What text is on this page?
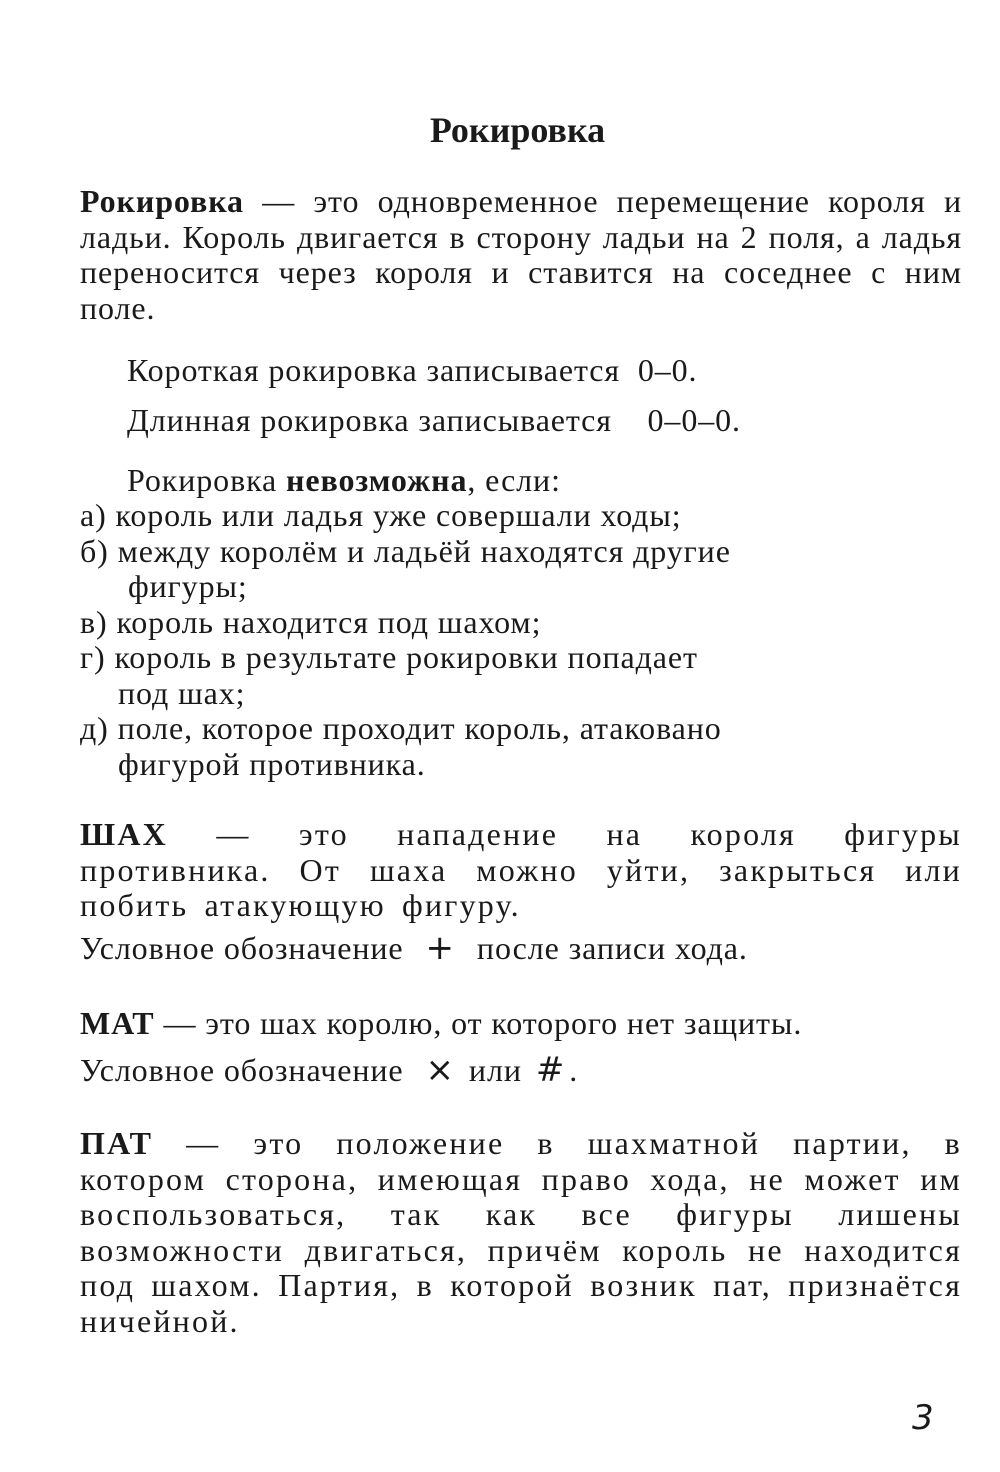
Рокировка
Рокировка — это одновременное перемещение короля и ладьи. Король двигается в сторону ладьи на 2 поля, а ладья переносится через короля и ставится на соседнее с ним поле.
Короткая рокировка записывается 0–0.
Длинная рокировка записывается 0–0–0.
Рокировка невозможна, если:
а) король или ладья уже совершали ходы;
б) между королём и ладьёй находятся другие
фигуры;
в) король находится под шахом;
г) король в результате рокировки попадает
под шах;
д) поле, которое проходит король, атаковано
фигурой противника.
ШАХ — это нападение на короля фигуры противника. От шаха можно уйти, закрыться или побить атакующую фигуру.
Условное обозначение + после записи хода.
МАТ — это шах королю, от которого нет защиты.
Условное обозначение × или # .
ПАТ — это положение в шахматной партии, в котором сторона, имеющая право хода, не может им воспользоваться, так как все фигуры лишены возможности двигаться, причём король не находится под шахом. Партия, в которой возник пат, признаётся ничейной.
3
